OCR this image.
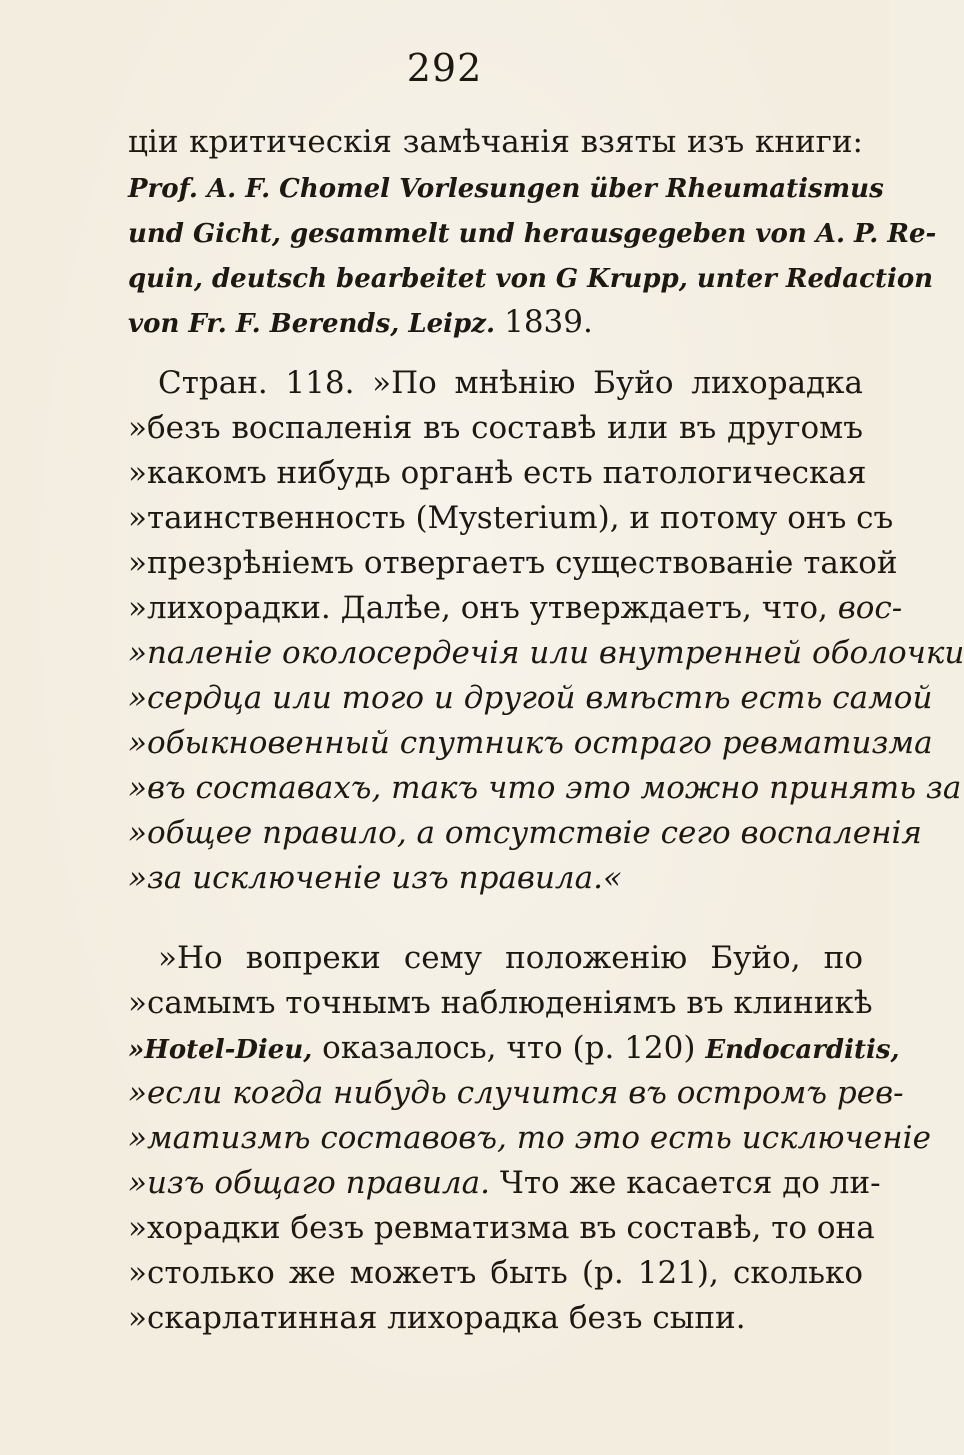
292
ціи критическія замѣчанія взяты изъ книги:
Prof. A. F. Chomel Vorlesungen über Rheumatismus
und Gicht, gesammelt und herausgegeben von A. P. Re-
quin, deutsch bearbeitet von G Krupp, unter Redaction
von Fr. F. Berends, Leipz. 1839.
Стран. 118. »По мнѣнію Буйо лихорадка
»безъ воспаленія въ составѣ или въ другомъ
»какомъ нибудь органѣ есть патологическая
»таинственность (Mysterium), и потому онъ съ
»презрѣніемъ отвергаетъ существованіе такой
»лихорадки. Далѣе, онъ утверждаетъ, что, вос-
»паленіе околосердечія или внутренней оболочки
»сердца или того и другой вмѣстѣ есть самой
»обыкновенный спутникъ остраго ревматизма
»въ составахъ, такъ что это можно принять за
»общее правило, а отсутствіе сего воспаленія
»за исключеніе изъ правила.«
»Но вопреки сему положенію Буйо, по
»самымъ точнымъ наблюденіямъ въ клиникѣ
»Hotel-Dieu, оказалось, что (р. 120) Endocarditis,
»если когда нибудь случится въ остромъ рев-
»матизмѣ составовъ, то это есть исключеніе
»изъ общаго правила. Что же касается до ли-
»хорадки безъ ревматизма въ составѣ, то она
»столько же можетъ быть (р. 121), сколько
»скарлатинная лихорадка безъ сыпи.
